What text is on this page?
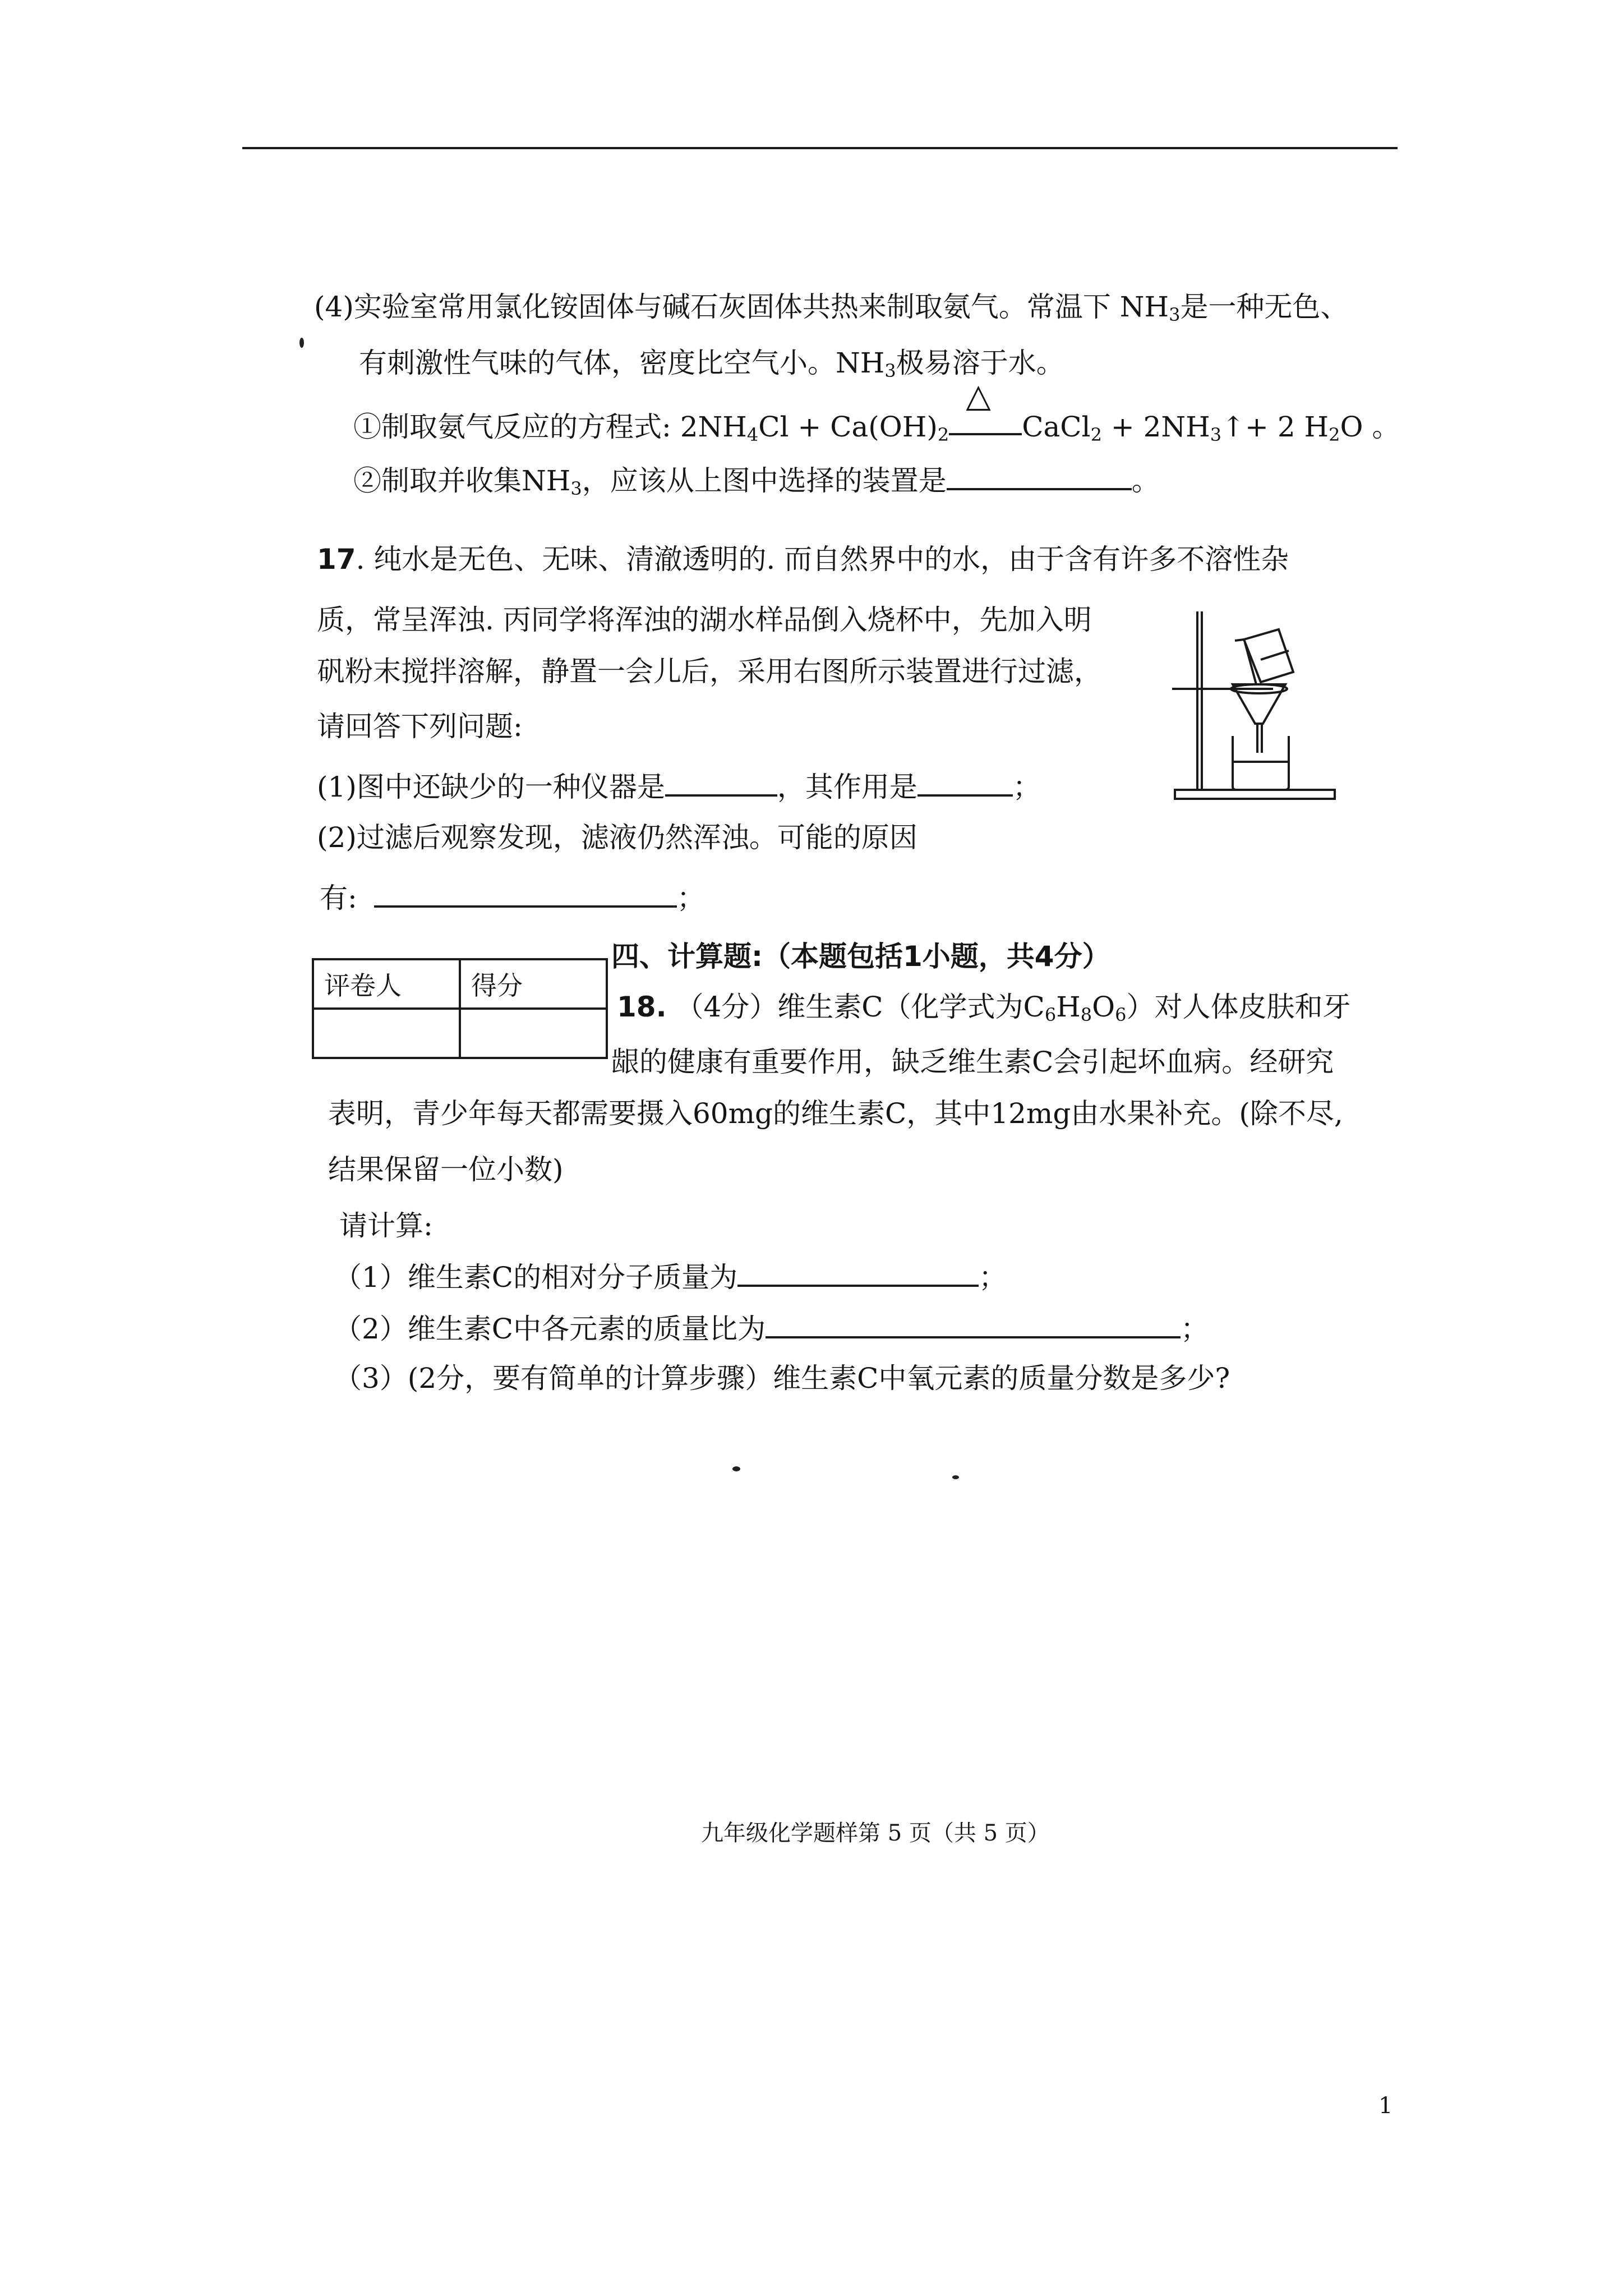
(4)实验室常用氯化铵固体与碱石灰固体共热来制取氨气。常温下 $NH_3$是一种无色、
有刺激性气味的气体，密度比空气小。$NH_3$极易溶于水。
①制取氨气反应的方程式: $2NH_4Cl + Ca(OH)_2$
△
CaCl$_2$ + $2NH_3↑+ 2$ $H_2O$ 。
②制取并收集$NH_3$，应该从上图中选择的装置是	。
17. 纯水是无色、无味、清澈透明的. 而自然界中的水，由于含有许多不溶性杂
质，常呈浑浊. 丙同学将浑浊的湖水样品倒入烧杯中，先加入明
矾粉末搅拌溶解，静置一会儿后，采用右图所示装置进行过滤，
请回答下列问题:
(1)图中还缺少的一种仪器是	，其作用是	；
(2)过滤后观察发现，滤液仍然浑浊。可能的原因
有:	；
四、计算题:（本题包括1小题，共4分）
评卷人	得分

18. （4分）维生素C（化学式为$C_6H_8O_6$）对人体皮肤和牙
龈的健康有重要作用，缺乏维生素C会引起坏血病。经研究
表明，青少年每天都需要摄入60mg的维生素C，其中12mg由水果补充。(除不尽,
结果保留一位小数)
请计算:
（1）维生素C的相对分子质量为	；
（2）维生素C中各元素的质量比为	；
（3）(2分，要有简单的计算步骤）维生素C中氧元素的质量分数是多少?
九年级化学题样第 5 页（共 5 页）
1
